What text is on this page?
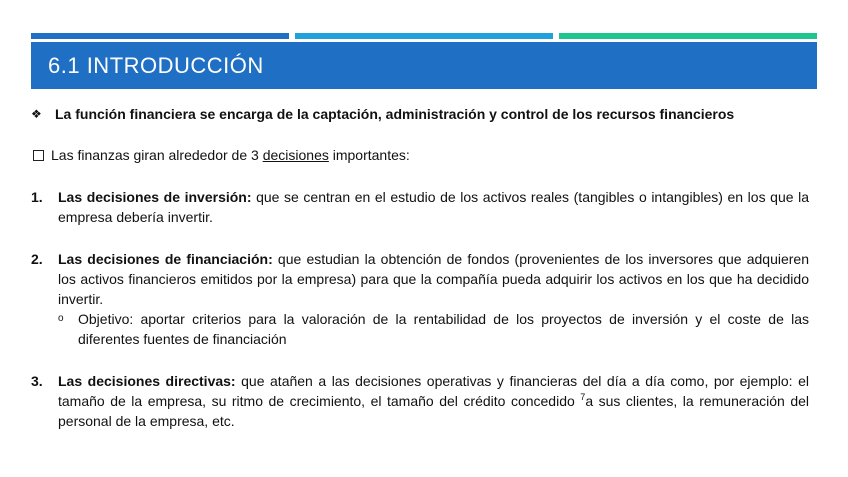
6.1 INTRODUCCIÓN
❖ La función financiera se encarga de la captación, administración y control de los recursos financieros
Las finanzas giran alrededor de 3 decisiones importantes:
1.	Las decisiones de inversión: que se centran en el estudio de los activos reales (tangibles o intangibles) en los que la empresa debería invertir.
2.	Las decisiones de financiación: que estudian la obtención de fondos (provenientes de los inversores que adquieren los activos financieros emitidos por la empresa) para que la compañía pueda adquirir los activos en los que ha decidido invertir.
o	Objetivo: aportar criterios para la valoración de la rentabilidad de los proyectos de inversión y el coste de las diferentes fuentes de financiación
3.	Las decisiones directivas: que atañen a las decisiones operativas y financieras del día a día como, por ejemplo: el tamaño de la empresa, su ritmo de crecimiento, el tamaño del crédito concedido $^7$a sus clientes, la remuneración del personal de la empresa, etc.
